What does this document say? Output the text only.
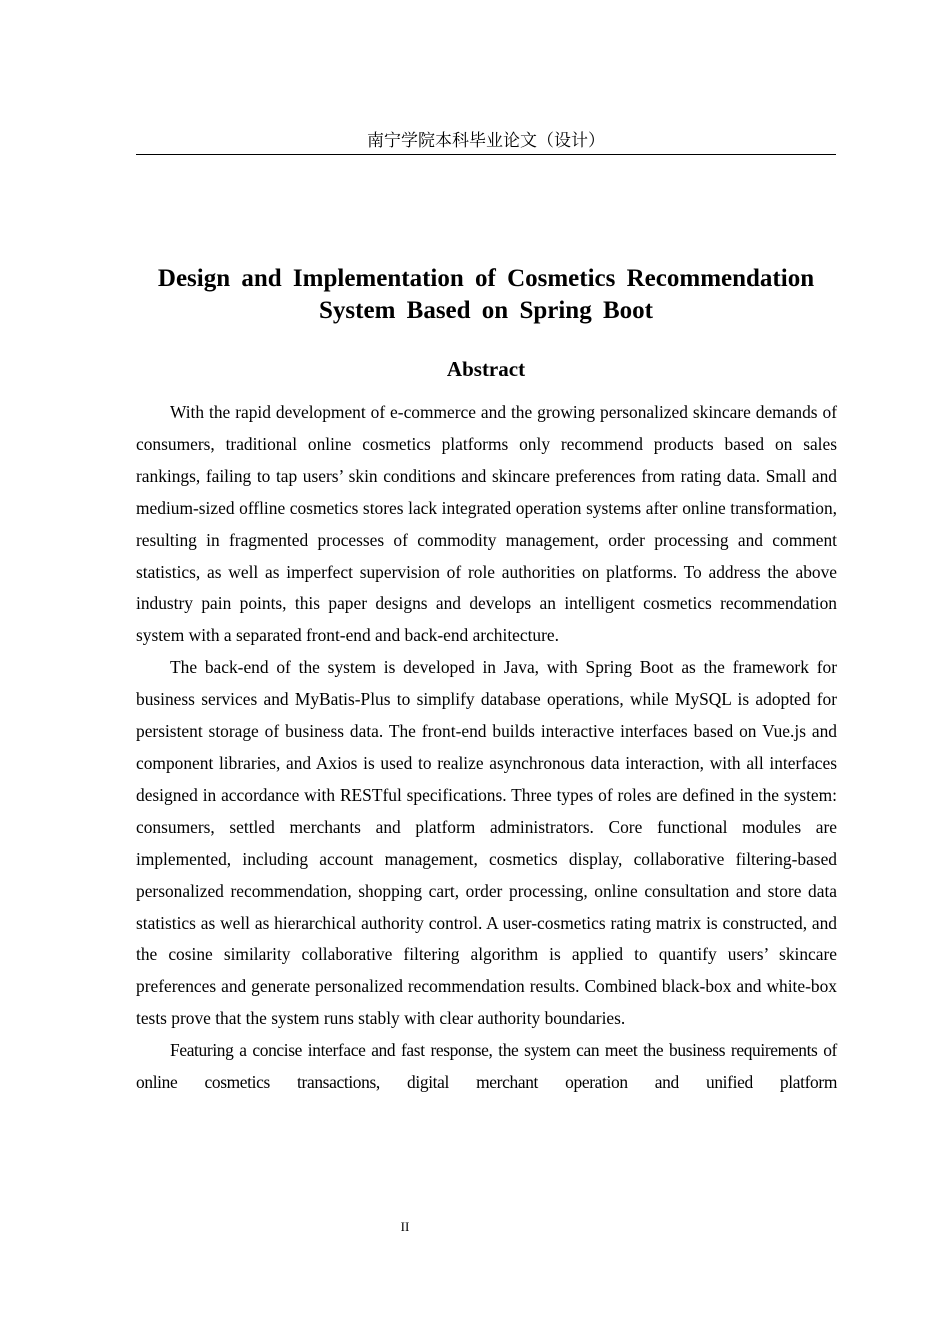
南宁学院本科毕业论文（设计）
Design and Implementation of Cosmetics Recommendation
System Based on Spring Boot
Abstract

With the rapid development of e-commerce and the growing personalized skincare demands of consumers, traditional online cosmetics platforms only recommend products based on sales rankings, failing to tap users’ skin conditions and skincare preferences from rating data. Small and medium-sized offline cosmetics stores lack integrated operation systems after online transformation, resulting in fragmented processes of commodity management, order processing and comment statistics, as well as imperfect supervision of role authorities on platforms. To address the above industry pain points, this paper designs and develops an intelligent cosmetics recommendation system with a separated front-end and back-end architecture.

The back-end of the system is developed in Java, with Spring Boot as the framework for business services and MyBatis-Plus to simplify database operations, while MySQL is adopted for persistent storage of business data. The front-end builds interactive interfaces based on Vue.js and component libraries, and Axios is used to realize asynchronous data interaction, with all interfaces designed in accordance with RESTful specifications. Three types of roles are defined in the system: consumers, settled merchants and platform administrators. Core functional modules are implemented, including account management, cosmetics display, collaborative filtering-based personalized recommendation, shopping cart, order processing, online consultation and store data statistics as well as hierarchical authority control. A user-cosmetics rating matrix is constructed, and the cosine similarity collaborative filtering algorithm is applied to quantify users’ skincare preferences and generate personalized recommendation results. Combined black-box and white-box tests prove that the system runs stably with clear authority boundaries.

Featuring a concise interface and fast response, the system can meet the business requirements of online cosmetics transactions, digital merchant operation and unified platform

II
